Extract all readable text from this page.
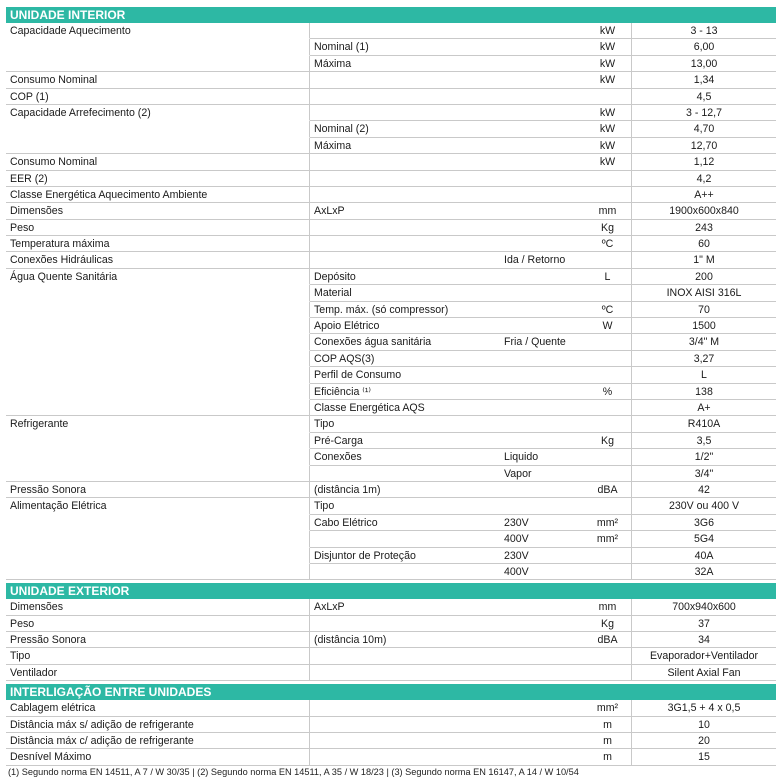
UNIDADE INTERIOR
Capacidade Aquecimento	kW	3 - 13
Nominal (1)	kW	6,00
Máxima	kW	13,00
Consumo Nominal	kW	1,34
COP (1)	4,5
Capacidade Arrefecimento (2)	kW	3 - 12,7
Nominal (2)	kW	4,70
Máxima	kW	12,70
Consumo Nominal	kW	1,12
EER (2)	4,2
Classe Energética Aquecimento Ambiente	A++
Dimensões	AxLxP	mm	1900x600x840
Peso	Kg	243
Temperatura máxima	ºC	60
Conexões Hidráulicas	Ida / Retorno	1" M
Água Quente Sanitária	Depósito	L	200
Material	INOX AISI 316L
Temp. máx. (só compressor)	ºC	70
Apoio Elétrico	W	1500
Conexões água sanitária	Fria / Quente	3/4" M
COP AQS(3)	3,27
Perfil de Consumo	L
Eficiência ⁽¹⁾	%	138
Classe Energética AQS	A+
Refrigerante	Tipo	R410A
Pré-Carga	Kg	3,5
Conexões	Liquido	1/2"
Vapor	3/4"
Pressão Sonora	(distância 1m)	dBA	42
Alimentação Elétrica	Tipo	230V ou 400 V
Cabo Elétrico	230V	mm²	3G6
400V	mm²	5G4
Disjuntor de Proteção	230V	40A
400V	32A
UNIDADE EXTERIOR
Dimensões	AxLxP	mm	700x940x600
Peso	Kg	37
Pressão Sonora	(distância 10m)	dBA	34
Tipo	Evaporador+Ventilador
Ventilador	Silent Axial Fan
INTERLIGAÇÃO ENTRE UNIDADES
Cablagem elétrica	mm²	3G1,5 + 4 x 0,5
Distância máx s/ adição de refrigerante	m	10
Distância máx c/ adição de refrigerante	m	20
Desnível Máximo	m	15
(1) Segundo norma EN 14511, A 7 / W 30/35 | (2) Segundo norma EN 14511, A 35 / W 18/23 | (3) Segundo norma EN 16147, A 14 / W 10/54
